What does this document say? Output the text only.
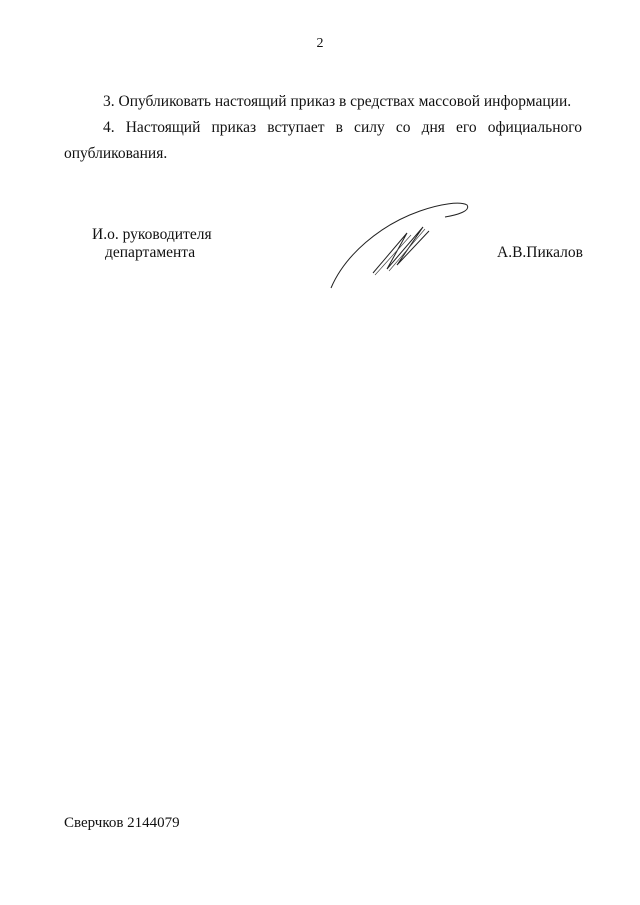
2
3. Опубликовать настоящий приказ в средствах массовой информации.
4. Настоящий приказ вступает в силу со дня его официального
опубликования.
И.о. руководителя
департамента	А.В.Пикалов
Сверчков 2144079
